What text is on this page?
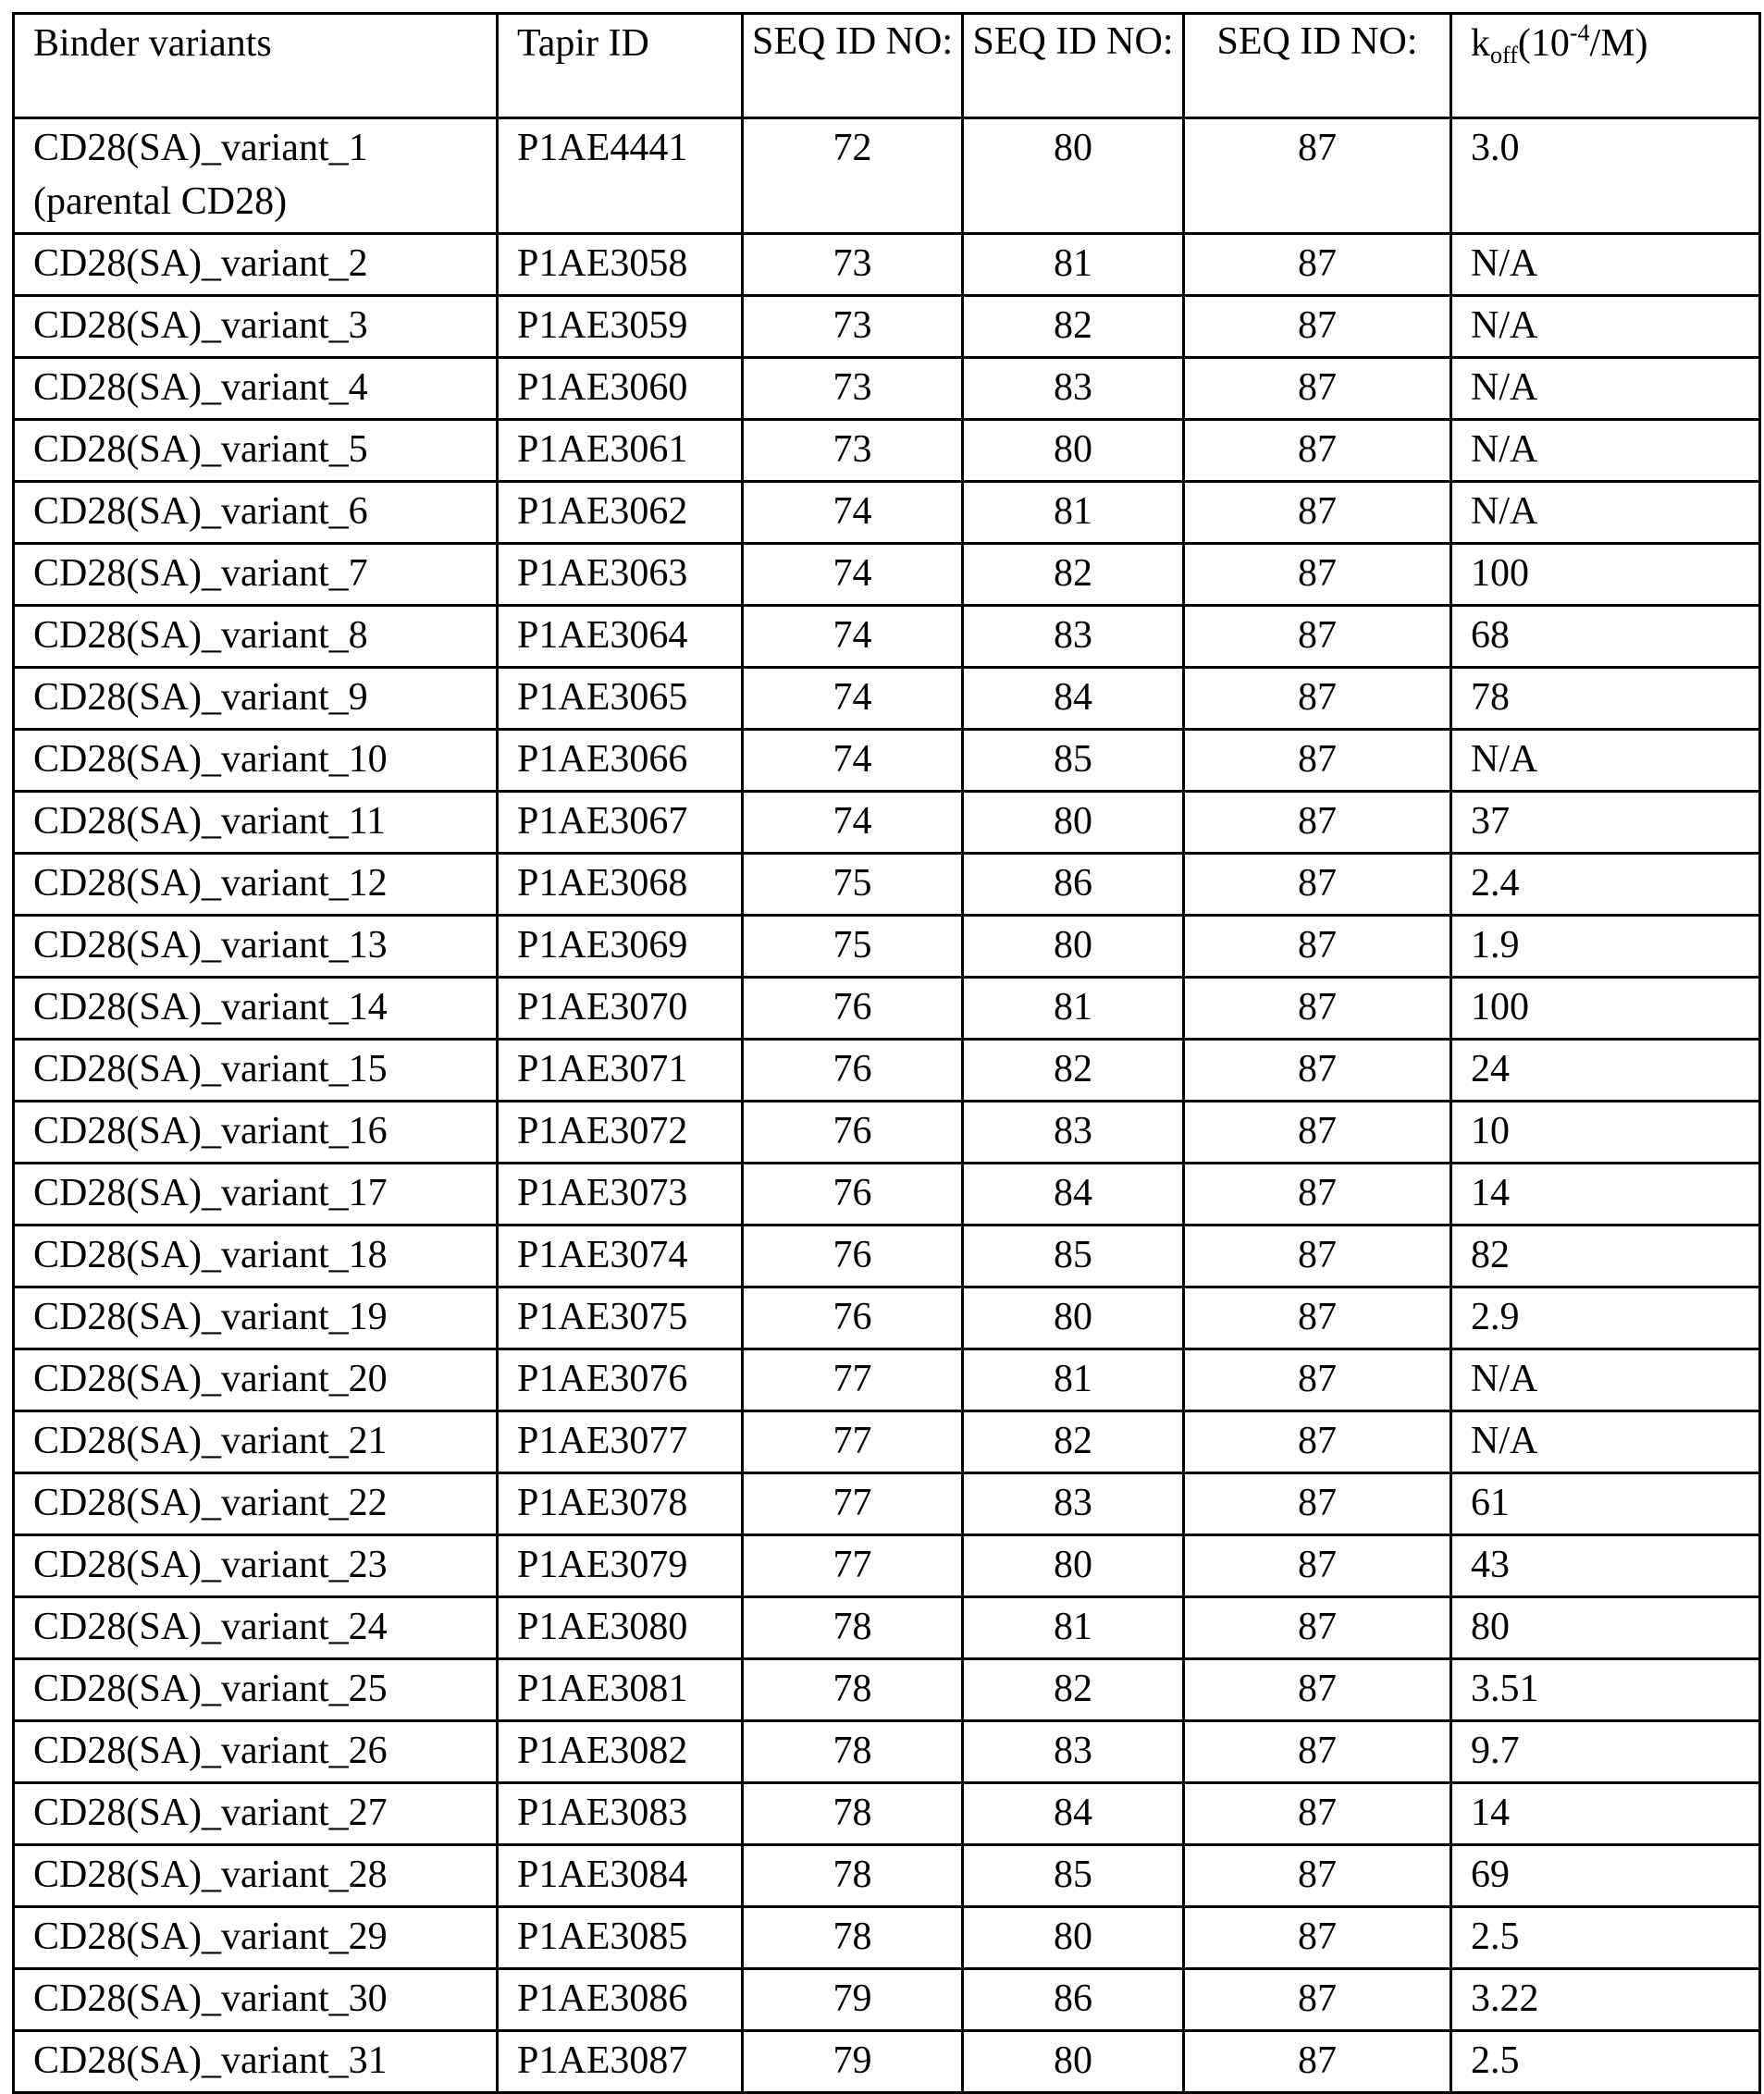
Binder variants	Tapir ID	SEQ ID NO:	SEQ ID NO:	SEQ ID NO:	koff(10-4/M)
CD28(SA)_variant_1 (parental CD28)	P1AE4441	72	80	87	3.0
CD28(SA)_variant_2	P1AE3058	73	81	87	N/A
CD28(SA)_variant_3	P1AE3059	73	82	87	N/A
CD28(SA)_variant_4	P1AE3060	73	83	87	N/A
CD28(SA)_variant_5	P1AE3061	73	80	87	N/A
CD28(SA)_variant_6	P1AE3062	74	81	87	N/A
CD28(SA)_variant_7	P1AE3063	74	82	87	100
CD28(SA)_variant_8	P1AE3064	74	83	87	68
CD28(SA)_variant_9	P1AE3065	74	84	87	78
CD28(SA)_variant_10	P1AE3066	74	85	87	N/A
CD28(SA)_variant_11	P1AE3067	74	80	87	37
CD28(SA)_variant_12	P1AE3068	75	86	87	2.4
CD28(SA)_variant_13	P1AE3069	75	80	87	1.9
CD28(SA)_variant_14	P1AE3070	76	81	87	100
CD28(SA)_variant_15	P1AE3071	76	82	87	24
CD28(SA)_variant_16	P1AE3072	76	83	87	10
CD28(SA)_variant_17	P1AE3073	76	84	87	14
CD28(SA)_variant_18	P1AE3074	76	85	87	82
CD28(SA)_variant_19	P1AE3075	76	80	87	2.9
CD28(SA)_variant_20	P1AE3076	77	81	87	N/A
CD28(SA)_variant_21	P1AE3077	77	82	87	N/A
CD28(SA)_variant_22	P1AE3078	77	83	87	61
CD28(SA)_variant_23	P1AE3079	77	80	87	43
CD28(SA)_variant_24	P1AE3080	78	81	87	80
CD28(SA)_variant_25	P1AE3081	78	82	87	3.51
CD28(SA)_variant_26	P1AE3082	78	83	87	9.7
CD28(SA)_variant_27	P1AE3083	78	84	87	14
CD28(SA)_variant_28	P1AE3084	78	85	87	69
CD28(SA)_variant_29	P1AE3085	78	80	87	2.5
CD28(SA)_variant_30	P1AE3086	79	86	87	3.22
CD28(SA)_variant_31	P1AE3087	79	80	87	2.5
